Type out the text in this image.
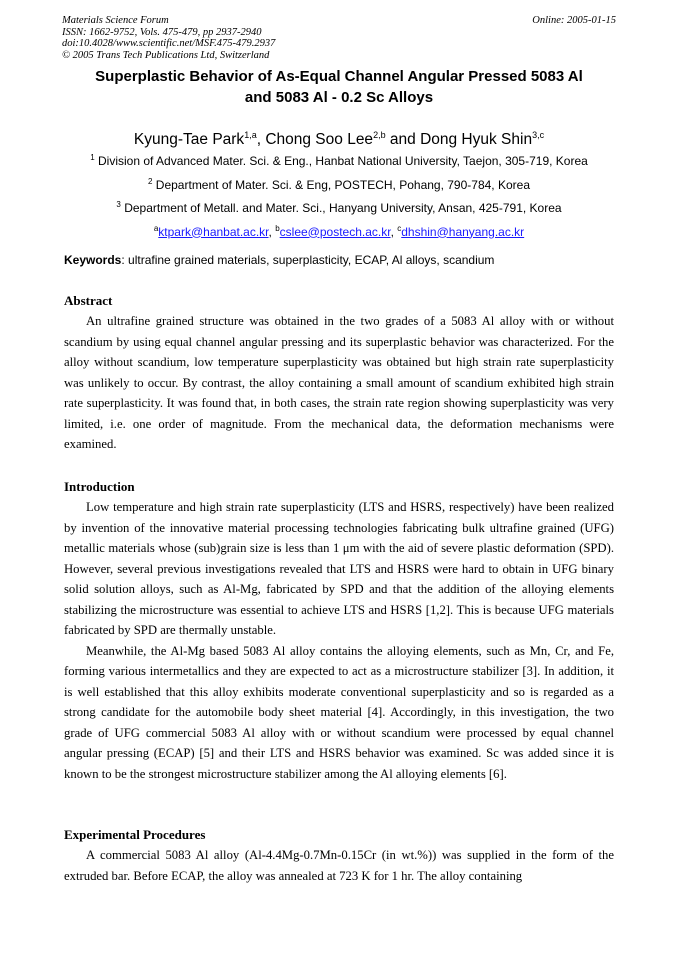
Materials Science Forum
ISSN: 1662-9752, Vols. 475-479, pp 2937-2940
doi:10.4028/www.scientific.net/MSF.475-479.2937
© 2005 Trans Tech Publications Ltd, Switzerland
Online: 2005-01-15
Superplastic Behavior of As-Equal Channel Angular Pressed 5083 Al
and 5083 Al - 0.2 Sc Alloys
Kyung-Tae Park$^{1,a}$, Chong Soo Lee$^{2,b}$ and Dong Hyuk Shin$^{3,c}$
$^1$ Division of Advanced Mater. Sci. & Eng., Hanbat National University, Taejon, 305-719, Korea
$^2$ Department of Mater. Sci. & Eng, POSTECH, Pohang, 790-784, Korea
$^3$ Department of Metall. and Mater. Sci., Hanyang University, Ansan, 425-791, Korea
$^a$ktpark@hanbat.ac.kr, $^b$cslee@postech.ac.kr, $^c$dhshin@hanyang.ac.kr
Keywords: ultrafine grained materials, superplasticity, ECAP, Al alloys, scandium
Abstract

An ultrafine grained structure was obtained in the two grades of a 5083 Al alloy with or without scandium by using equal channel angular pressing and its superplastic behavior was characterized. For the alloy without scandium, low temperature superplasticity was obtained but high strain rate superplasticity was unlikely to occur. By contrast, the alloy containing a small amount of scandium exhibited high strain rate superplasticity. It was found that, in both cases, the strain rate region showing superplasticity was very limited, i.e. one order of magnitude. From the mechanical data, the deformation mechanisms were examined.

Introduction

Low temperature and high strain rate superplasticity (LTS and HSRS, respectively) have been realized by invention of the innovative material processing technologies fabricating bulk ultrafine grained (UFG) metallic materials whose (sub)grain size is less than 1 μm with the aid of severe plastic deformation (SPD). However, several previous investigations revealed that LTS and HSRS were hard to obtain in UFG binary solid solution alloys, such as Al-Mg, fabricated by SPD and that the addition of the alloying elements stabilizing the microstructure was essential to achieve LTS and HSRS [1,2]. This is because UFG materials fabricated by SPD are thermally unstable.

Meanwhile, the Al-Mg based 5083 Al alloy contains the alloying elements, such as Mn, Cr, and Fe, forming various intermetallics and they are expected to act as a microstructure stabilizer [3]. In addition, it is well established that this alloy exhibits moderate conventional superplasticity and so is regarded as a strong candidate for the automobile body sheet material [4]. Accordingly, in this investigation, the two grade of UFG commercial 5083 Al alloy with or without scandium were processed by equal channel angular pressing (ECAP) [5] and their LTS and HSRS behavior was examined. Sc was added since it is known to be the strongest microstructure stabilizer among the Al alloying elements [6].

Experimental Procedures

A commercial 5083 Al alloy (Al-4.4Mg-0.7Mn-0.15Cr (in wt.%)) was supplied in the form of the extruded bar. Before ECAP, the alloy was annealed at 723 K for 1 hr. The alloy containing
